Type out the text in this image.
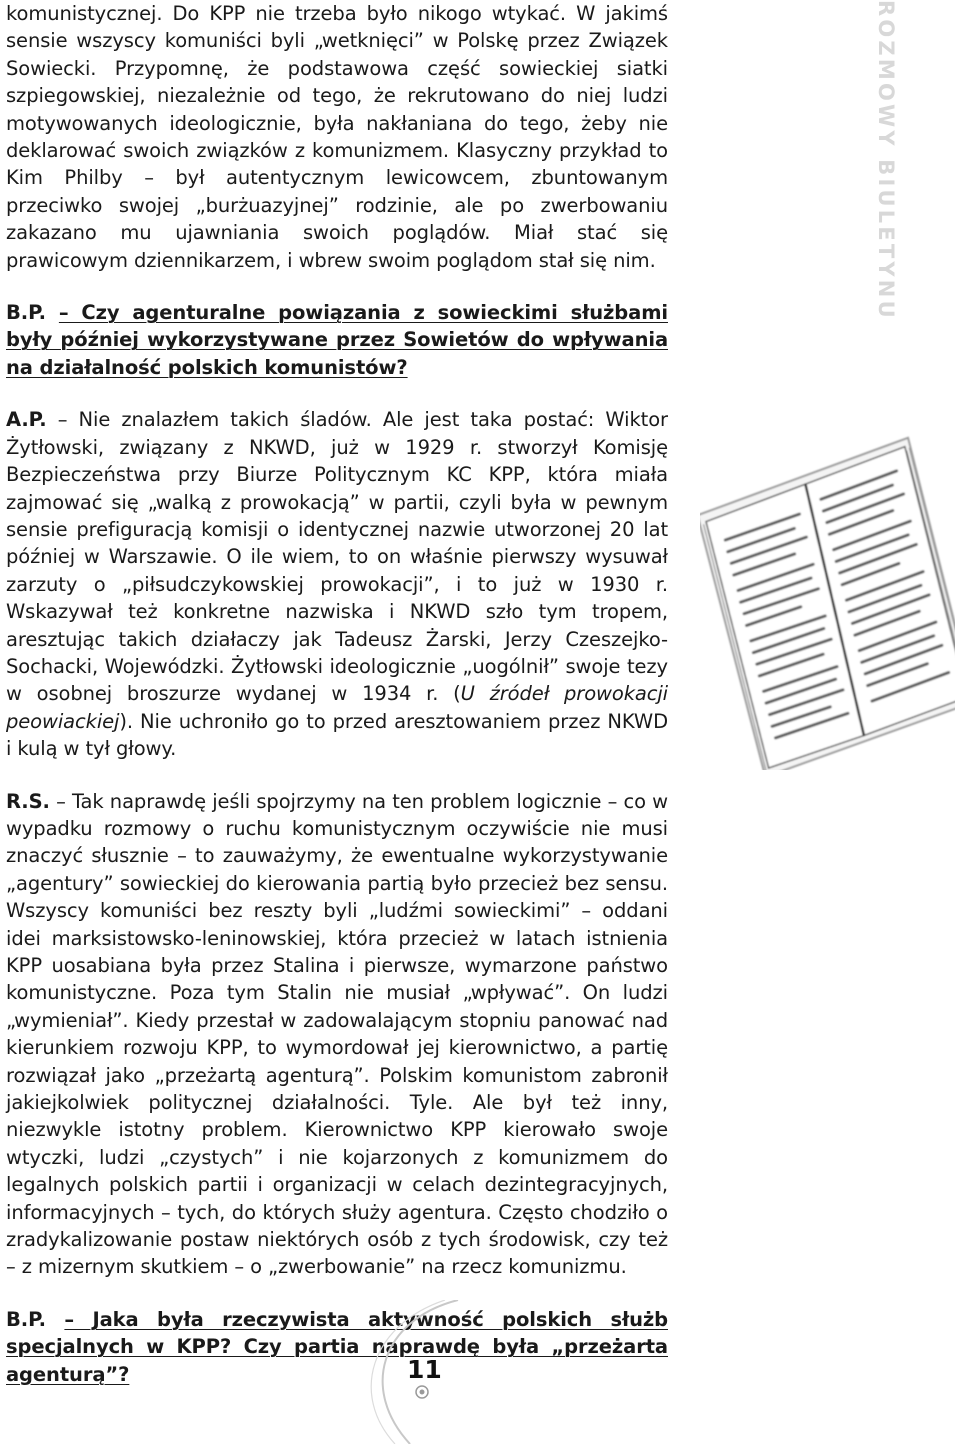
komunistycznej. Do KPP nie trzeba było nikogo wtykać. W jakimś sensie wszyscy komuniści byli „wetknięci” w Polskę przez Związek Sowiecki. Przypomnę, że podstawowa część sowieckiej siatki szpiegowskiej, niezależnie od tego, że rekrutowano do niej ludzi motywowanych ideologicznie, była nakłaniana do tego, żeby nie deklarować swoich związków z komunizmem. Klasyczny przykład to Kim Philby – był autentycznym lewicowcem, zbuntowanym przeciwko swojej „burżuazyjnej” rodzinie, ale po zwerbowaniu zakazano mu ujawniania swoich poglądów. Miał stać się prawicowym dziennikarzem, i wbrew swoim poglądom stał się nim.

B.P. – Czy agenturalne powiązania z sowieckimi służbami były później wykorzystywane przez Sowietów do wpływania na działalność polskich komunistów?

A.P. – Nie znalazłem takich śladów. Ale jest taka postać: Wiktor Żytłowski, związany z NKWD, już w 1929 r. stworzył Komisję Bezpieczeństwa przy Biurze Politycznym KC KPP, która miała zajmować się „walką z prowokacją” w partii, czyli była w pewnym sensie prefiguracją komisji o identycznej nazwie utworzonej 20 lat później w Warszawie. O ile wiem, to on właśnie pierwszy wysuwał zarzuty o „piłsudczykowskiej prowokacji”, i to już w 1930 r. Wskazywał też konkretne nazwiska i NKWD szło tym tropem, aresztując takich działaczy jak Tadeusz Żarski, Jerzy Czeszejko-Sochacki, Wojewódzki. Żytłowski ideologicznie „uogólnił” swoje tezy w osobnej broszurze wydanej w 1934 r. (U źródeł prowokacji peowiackiej). Nie uchroniło go to przed aresztowaniem przez NKWD i kulą w tył głowy.

R.S. – Tak naprawdę jeśli spojrzymy na ten problem logicznie – co w wypadku rozmowy o ruchu komunistycznym oczywiście nie musi znaczyć słusznie – to zauważymy, że ewentualne wykorzystywanie „agentury” sowieckiej do kierowania partią było przecież bez sensu. Wszyscy komuniści bez reszty byli „ludźmi sowieckimi” – oddani idei marksistowsko-leninowskiej, która przecież w latach istnienia KPP uosabiana była przez Stalina i pierwsze, wymarzone państwo komunistyczne. Poza tym Stalin nie musiał „wpływać”. On ludzi „wymieniał”. Kiedy przestał w zadowalającym stopniu panować nad kierunkiem rozwoju KPP, to wymordował jej kierownictwo, a partię rozwiązał jako „przeżartą agenturą”. Polskim komunistom zabronił jakiejkolwiek politycznej działalności. Tyle. Ale był też inny, niezwykle istotny problem. Kierownictwo KPP kierowało swoje wtyczki, ludzi „czystych” i nie kojarzonych z komunizmem do legalnych polskich partii i organizacji w celach dezintegracyjnych, informacyjnych – tych, do których służy agentura. Często chodziło o zradykalizowanie postaw niektórych osób z tych środowisk, czy też – z mizernym skutkiem – o „zwerbowanie” na rzecz komunizmu.

B.P. – Jaka była rzeczywista aktywność polskich służb specjalnych w KPP? Czy partia naprawdę była „przeżarta agenturą”?

ROZMOWY BIULETYNU
11
